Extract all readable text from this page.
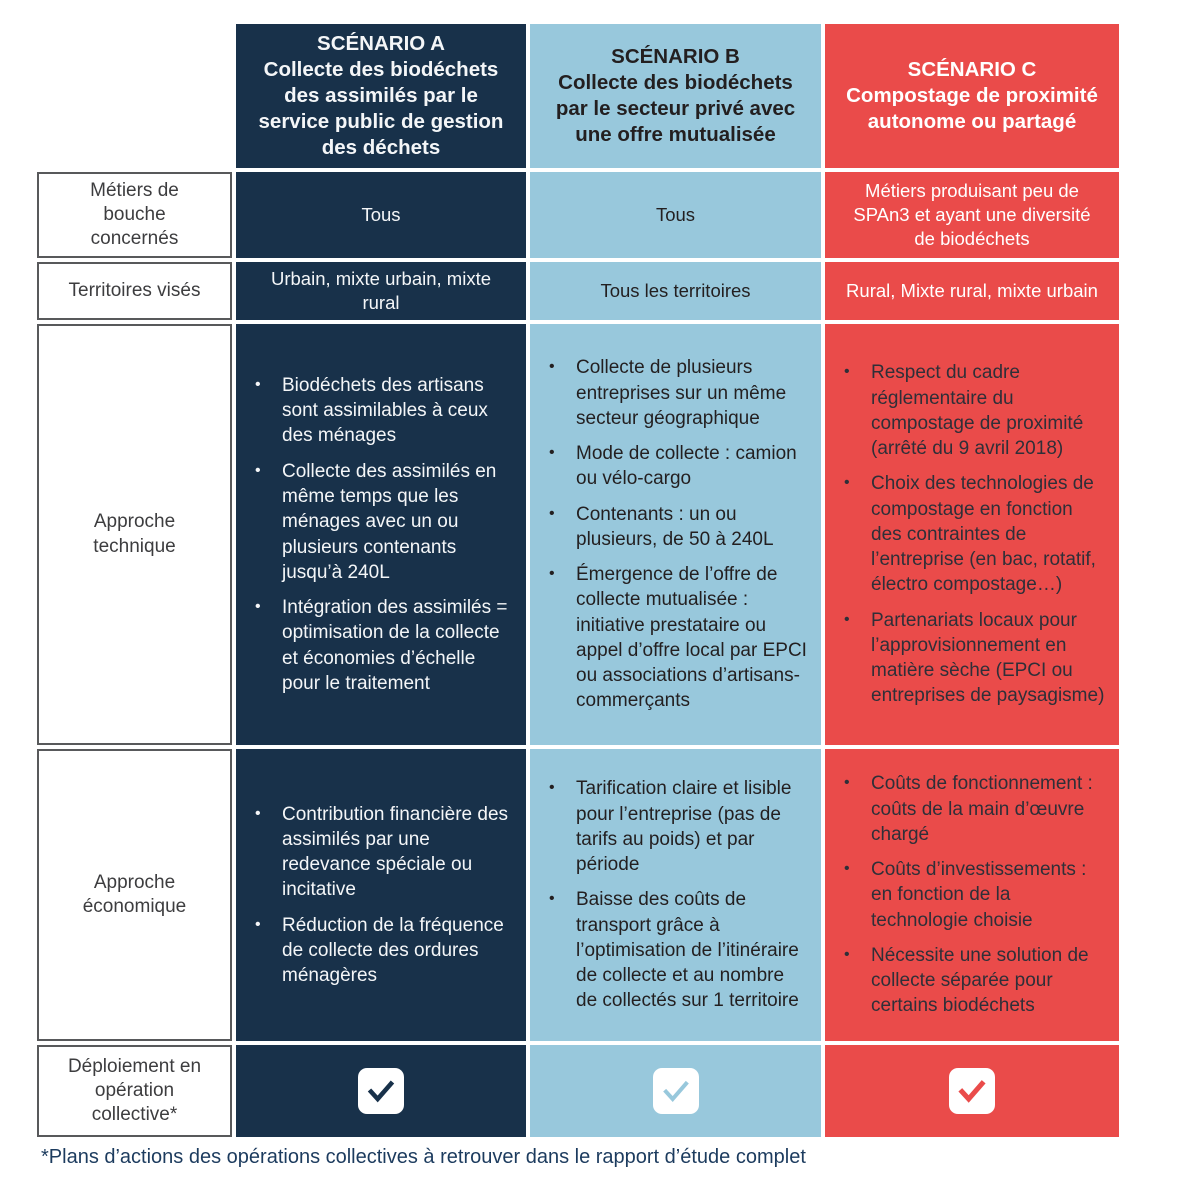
SCÉNARIO A
Collecte des biodéchets des assimilés par le service public de gestion des déchets
SCÉNARIO B
Collecte des biodéchets par le secteur privé avec une offre mutualisée
SCÉNARIO C
Compostage de proximité autonome ou partagé
Métiers de bouche concernés
Tous	Tous
Métiers produisant peu de SPAn3 et ayant une diversité de biodéchets
Territoires visés
Urbain, mixte urbain, mixte rural
Tous les territoires	Rural, Mixte rural, mixte urbain
Approche technique
• Biodéchets des artisans sont assimilables à ceux des ménages
• Collecte des assimilés en même temps que les ménages avec un ou plusieurs contenants jusqu’à 240L
• Intégration des assimilés = optimisation de la collecte et économies d’échelle pour le traitement
• Collecte de plusieurs entreprises sur un même secteur géographique
• Mode de collecte : camion ou vélo-cargo
• Contenants : un ou plusieurs, de 50 à 240L
• Émergence de l’offre de collecte mutualisée : initiative prestataire ou appel d’offre local par EPCI ou associations d’artisans-commerçants
• Respect du cadre réglementaire du compostage de proximité (arrêté du 9 avril 2018)
• Choix des technologies de compostage en fonction des contraintes de l’entreprise (en bac, rotatif, électro compostage…)
• Partenariats locaux pour l’approvisionnement en matière sèche (EPCI ou entreprises de paysagisme)
Approche économique
• Contribution financière des assimilés par une redevance spéciale ou incitative
• Réduction de la fréquence de collecte des ordures ménagères
• Tarification claire et lisible pour l’entreprise (pas de tarifs au poids) et par période
• Baisse des coûts de transport grâce à l’optimisation de l’itinéraire de collecte et au nombre de collectés sur 1 territoire
• Coûts de fonctionnement : coûts de la main d’œuvre chargé
• Coûts d’investissements : en fonction de la technologie choisie
• Nécessite une solution de collecte séparée pour certains biodéchets
Déploiement en opération collective*
*Plans d’actions des opérations collectives à retrouver dans le rapport d’étude complet
